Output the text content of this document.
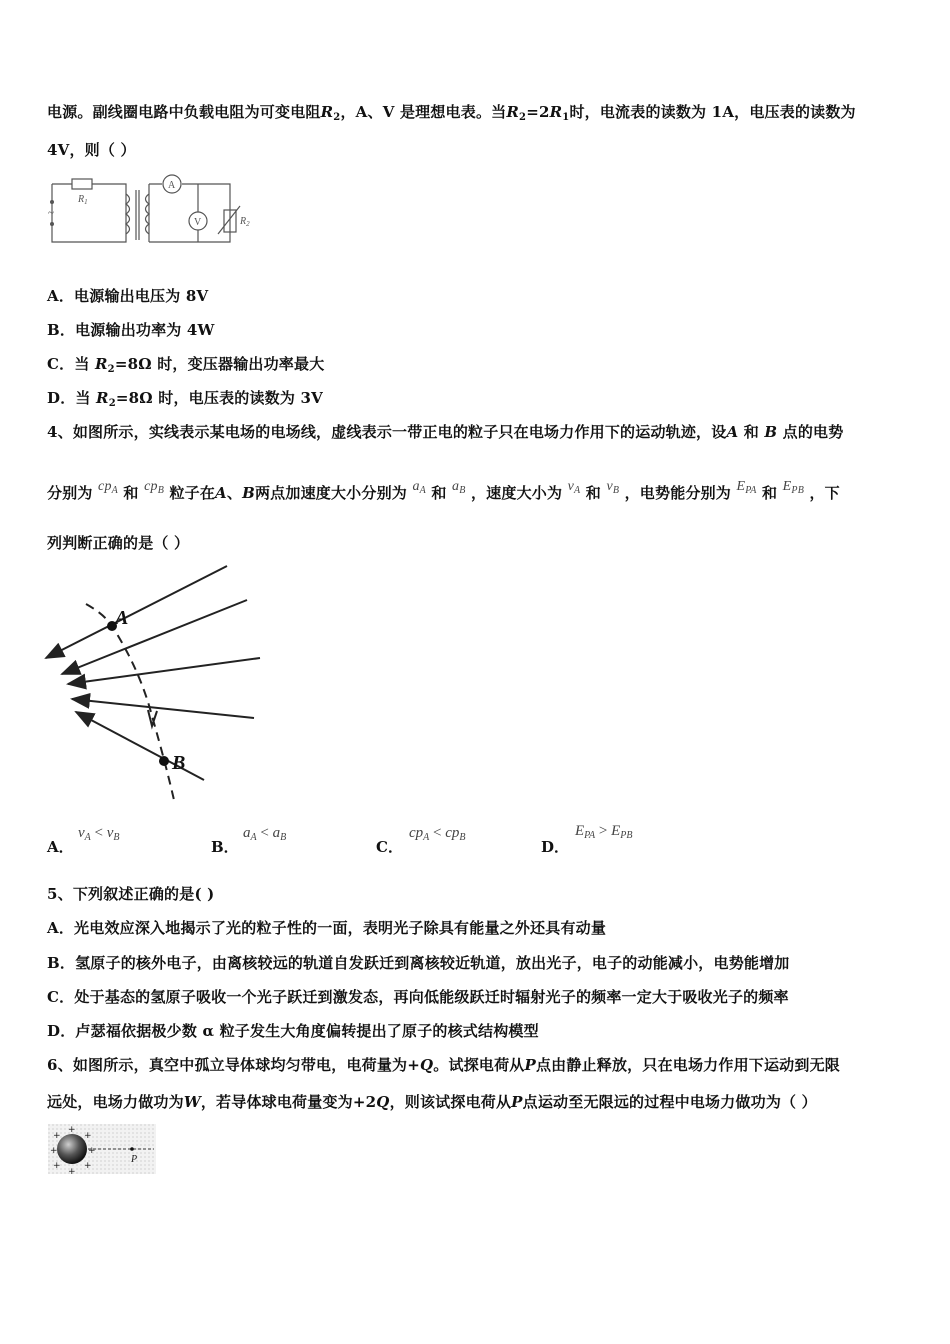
电源。副线圈电路中负载电阻为可变电阻$R_2$，A、V 是理想电表。当$R_2=2R_1$时，电流表的读数为 1A，电压表的读数为
4V，则（ ）
~
A
V
$R_1$
$R_2$
A．电源输出电压为 8V
B．电源输出功率为 4W
C．当 $R_2=8\Omega$ 时，变压器输出功率最大
D．当 $R_2=8\Omega$ 时，电压表的读数为 3V
4、如图所示，实线表示某电场的电场线，虚线表示一带正电的粒子只在电场力作用下的运动轨迹，设A 和 B 点的电势
分别为 $cp_A$ 和 $cp_B$ 粒子在A、B两点加速度大小分别为 $a_A$ 和 $a_B$ ，速度大小为 $v_A$ 和 $v_B$ ，电势能分别为 $E_{PA}$ 和 $E_{PB}$ ，下
列判断正确的是（ ）
A
B
A．
$v_A < v_B$
B．
$a_A < a_B$
C．
$cp_A < cp_B$
D．
$E_{PA} > E_{PB}$
5、下列叙述正确的是( )
A．光电效应深入地揭示了光的粒子性的一面，表明光子除具有能量之外还具有动量
B．氢原子的核外电子，由离核较远的轨道自发跃迁到离核较近轨道，放出光子，电子的动能减小，电势能增加
C．处于基态的氢原子吸收一个光子跃迁到激发态，再向低能级跃迁时辐射光子的频率一定大于吸收光子的频率
D．卢瑟福依据极少数 α 粒子发生大角度偏转提出了原子的核式结构模型
6、如图所示，真空中孤立导体球均匀带电，电荷量为+Q。试探电荷从P点由静止释放，只在电场力作用下运动到无限
远处，电场力做功为W，若导体球电荷量变为+2Q，则该试探电荷从P点运动至无限远的过程中电场力做功为（ ）
+
+
+
+	+
+
+
+
P
